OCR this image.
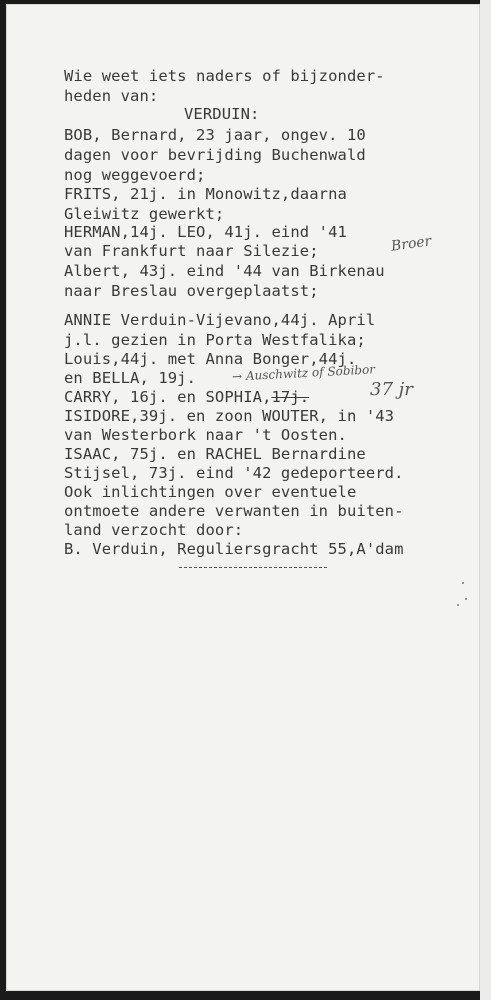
Wie weet iets naders of bijzonder-
heden van:
VERDUIN:
BOB, Bernard, 23 jaar, ongev. 10
dagen voor bevrijding Buchenwald
nog weggevoerd;
FRITS, 21j. in Monowitz,daarna
Gleiwitz gewerkt;
HERMAN,14j. LEO, 41j. eind '41
van Frankfurt naar Silezie;
Albert, 43j. eind '44 van Birkenau
naar Breslau overgeplaatst;
ANNIE Verduin-Vijevano,44j. April
j.l. gezien in Porta Westfalika;
Louis,44j. met Anna Bonger,44j.
en BELLA, 19j.
CARRY, 16j. en SOPHIA,17j.
ISIDORE,39j. en zoon WOUTER, in '43
van Westerbork naar 't Oosten.
ISAAC, 75j. en RACHEL Bernardine
Stijsel, 73j. eind '42 gedeporteerd.
Ook inlichtingen over eventuele
ontmoete andere verwanten in buiten-
land verzocht door:
B. Verduin, Reguliersgracht 55,A'dam
Broer
→ Auschwitz of Sobibor
37 jr
